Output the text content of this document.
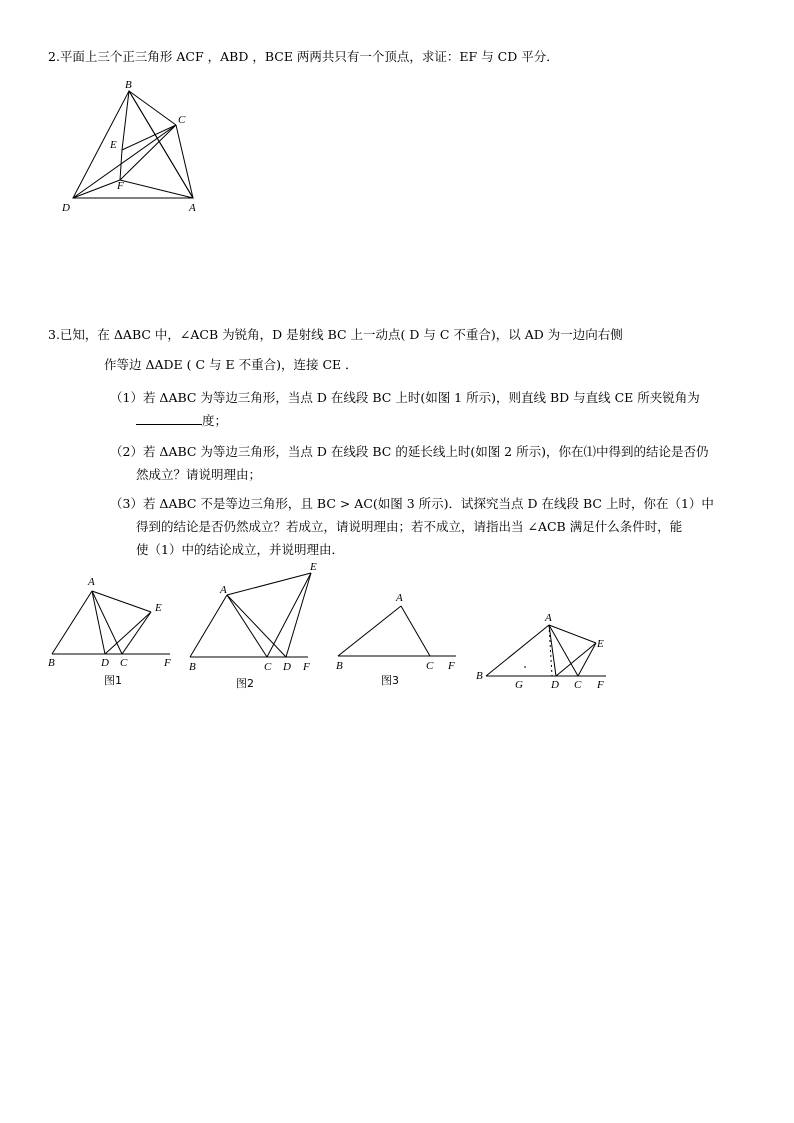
2.平面上三个正三角形 ACF ，ABD ，BCE 两两共只有一个顶点，求证：EF 与 CD 平分．
B
C
E
F
D	A
3.已知，在 ΔABC 中，∠ACB 为锐角，D 是射线 BC 上一动点( D 与 C 不重合)，以 AD 为一边向右侧
作等边 ΔADE ( C 与 E 不重合)，连接 CE ．
（1）若 ΔABC 为等边三角形，当点 D 在线段 BC 上时(如图 1 所示)，则直线 BD 与直线 CE 所夹锐角为
度；
（2）若 ΔABC 为等边三角形，当点 D 在线段 BC 的延长线上时(如图 2 所示)，你在⑴中得到的结论是否仍
然成立？请说明理由；
（3）若 ΔABC 不是等边三角形，且 BC > AC(如图 3 所示)．试探究当点 D 在线段 BC 上时，你在（1）中
得到的结论是否仍然成立？若成立，请说明理由；若不成立，请指出当 ∠ACB 满足什么条件时，能
使（1）中的结论成立，并说明理由．
A
E
B	D C	F
图1
A
E
B	C D F
图2
A
B	C F
图3
A
E
B
G	D C F
